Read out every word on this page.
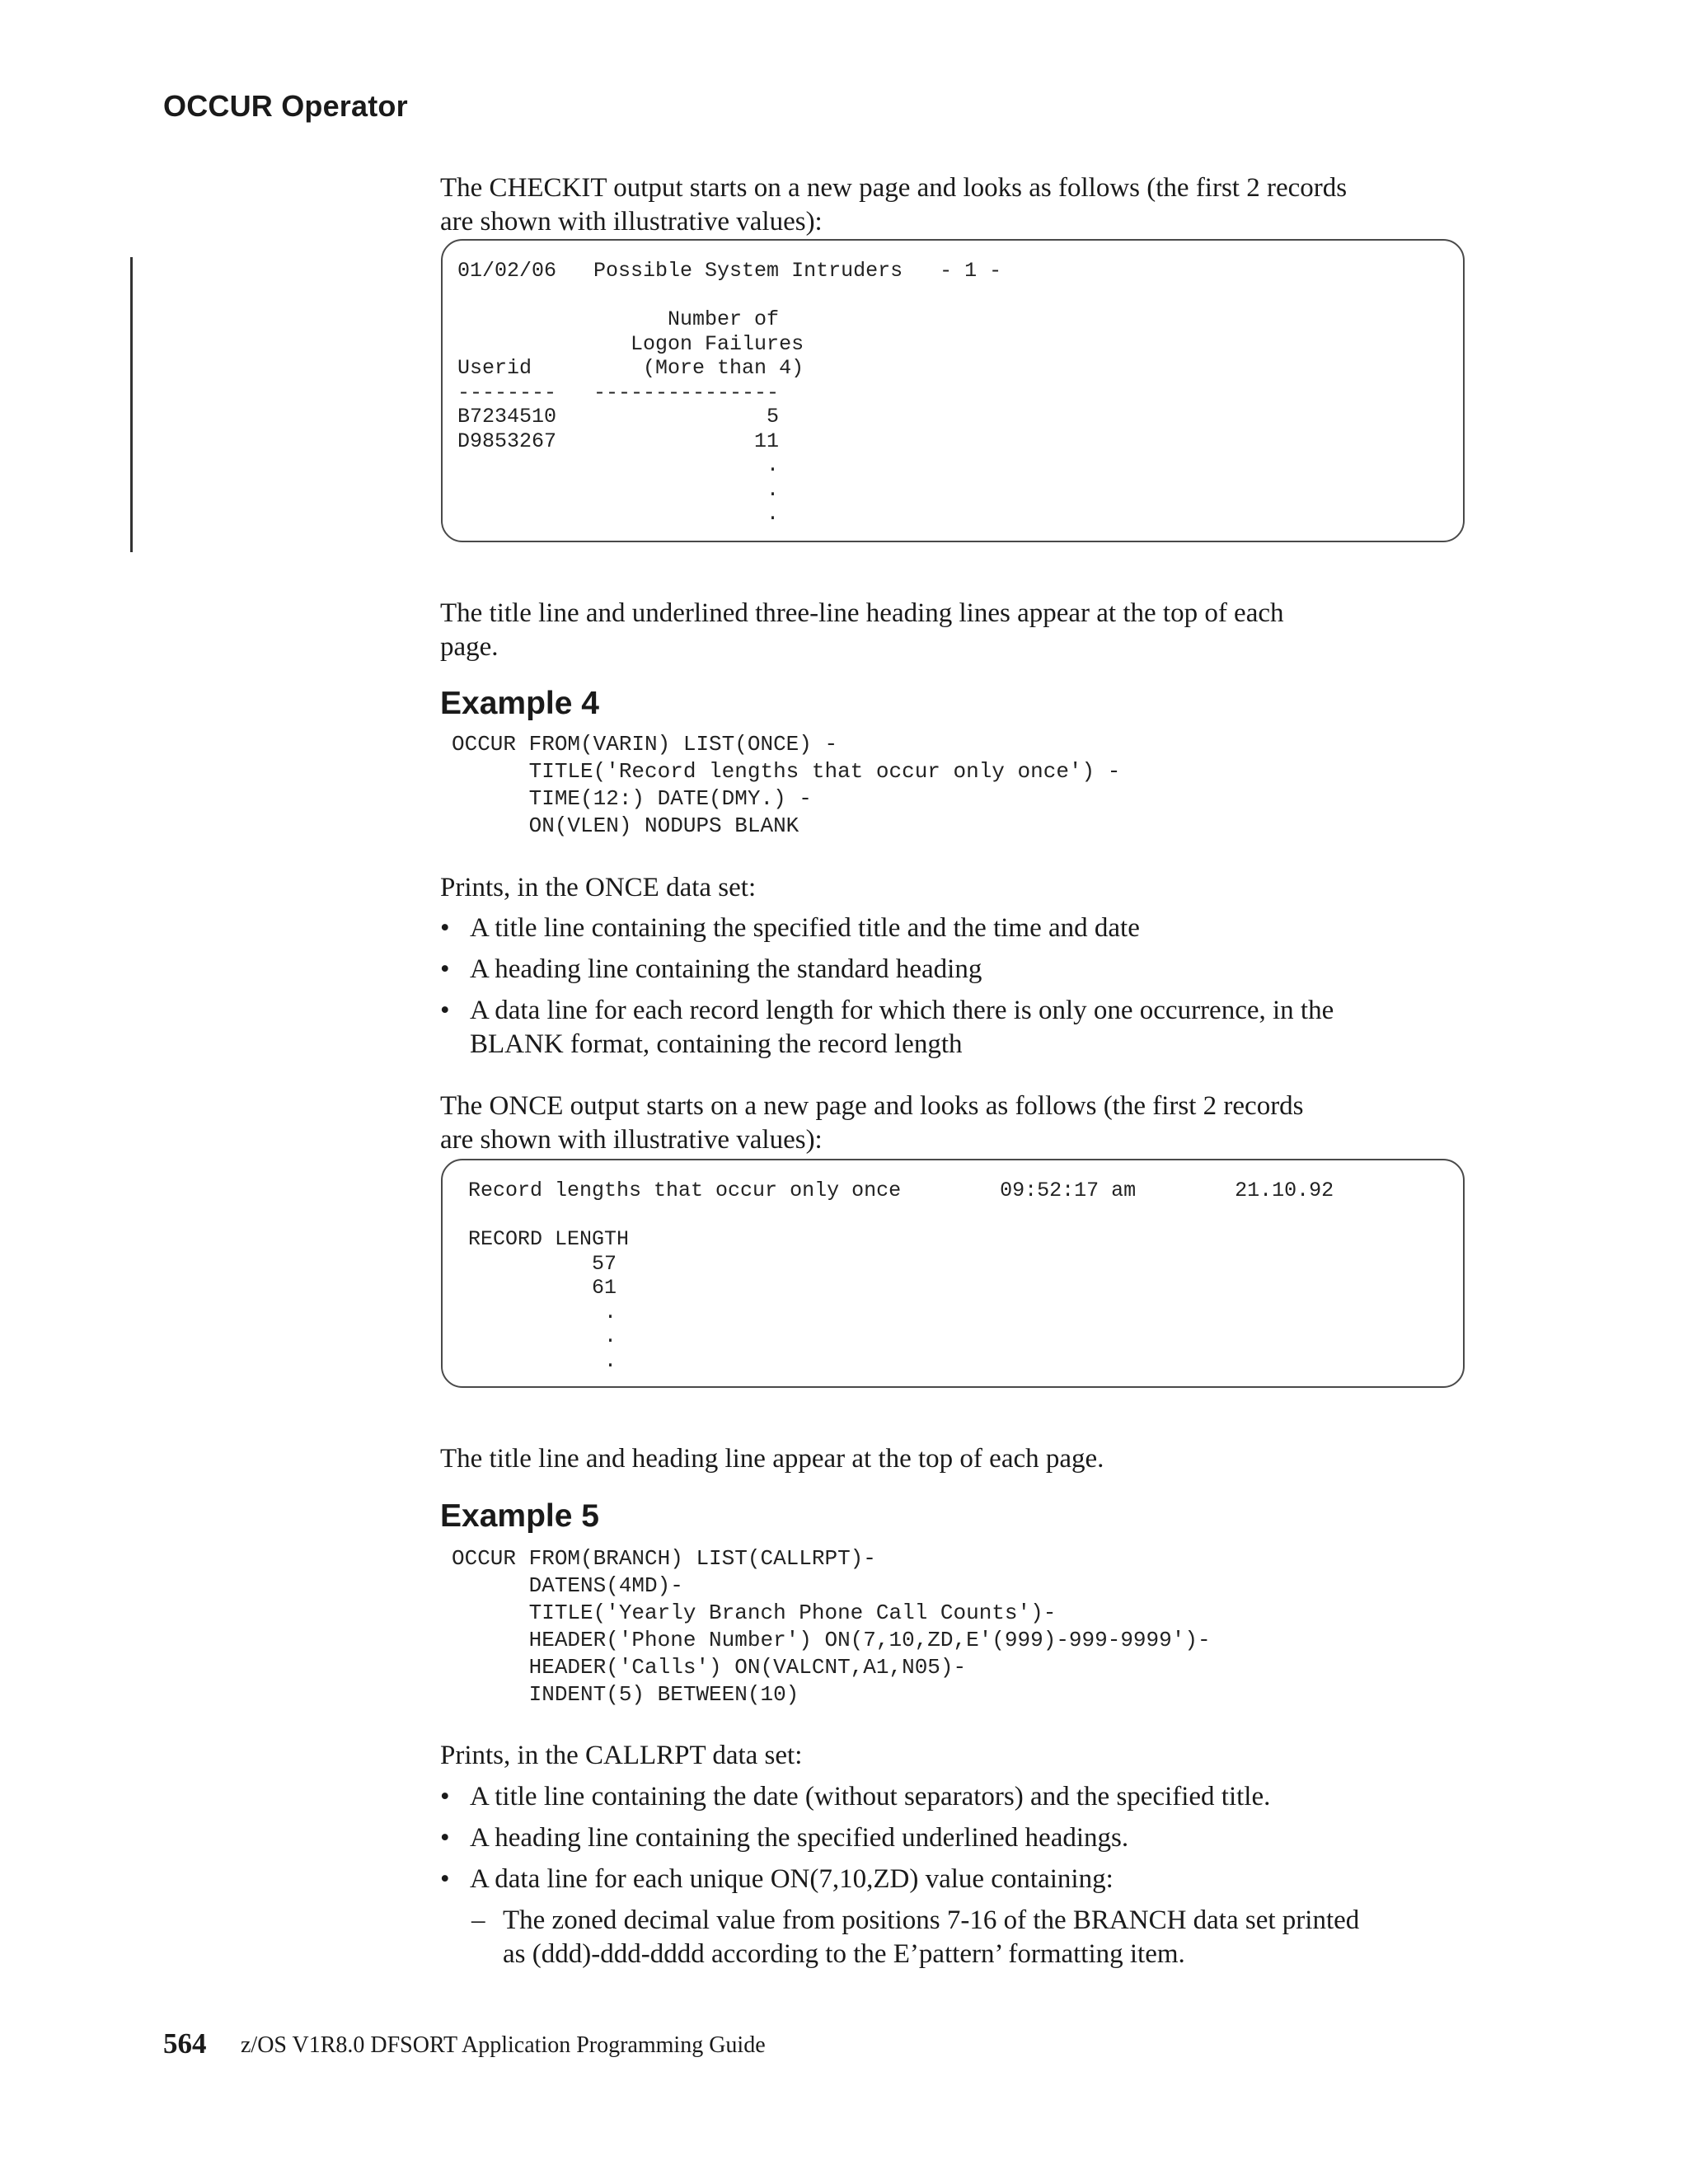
OCCUR Operator
The CHECKIT output starts on a new page and looks as follows (the first 2 records
are shown with illustrative values):
01/02/06   Possible System Intruders   - 1 -

Number of
Logon Failures
Userid         (More than 4)
--------   ---------------
B7234510                 5
D9853267                11
.
.
.
The title line and underlined three-line heading lines appear at the top of each
page.
Example 4
OCCUR FROM(VARIN) LIST(ONCE) -
TITLE('Record lengths that occur only once') -
TIME(12:) DATE(DMY.) -
ON(VLEN) NODUPS BLANK
Prints, in the ONCE data set:
• A title line containing the specified title and the time and date
• A heading line containing the standard heading
• A data line for each record length for which there is only one occurrence, in the
BLANK format, containing the record length
The ONCE output starts on a new page and looks as follows (the first 2 records
are shown with illustrative values):
Record lengths that occur only once        09:52:17 am        21.10.92

RECORD LENGTH
57
61
.
.
.
The title line and heading line appear at the top of each page.
Example 5
OCCUR FROM(BRANCH) LIST(CALLRPT)-
DATENS(4MD)-
TITLE('Yearly Branch Phone Call Counts')-
HEADER('Phone Number') ON(7,10,ZD,E'(999)-999-9999')-
HEADER('Calls') ON(VALCNT,A1,N05)-
INDENT(5) BETWEEN(10)
Prints, in the CALLRPT data set:
• A title line containing the date (without separators) and the specified title.
• A heading line containing the specified underlined headings.
• A data line for each unique ON(7,10,ZD) value containing:
– The zoned decimal value from positions 7-16 of the BRANCH data set printed
as (ddd)-ddd-dddd according to the E’pattern’ formatting item.
564 z/OS V1R8.0 DFSORT Application Programming Guide
